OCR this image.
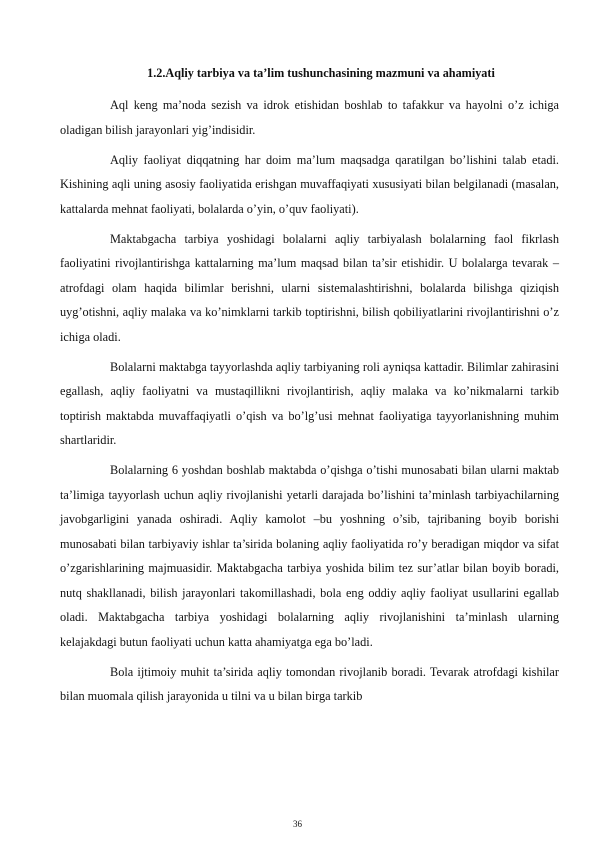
1.2.Aqliy tarbiya va ta’lim tushunchasining mazmuni va ahamiyati

Aql keng ma’noda sezish va idrok etishidan boshlab to tafakkur va hayolni o’z ichiga oladigan bilish jarayonlari yig’indisidir.

Aqliy faoliyat diqqatning har doim ma’lum maqsadga qaratilgan bo’lishini talab etadi. Kishining aqli uning asosiy faoliyatida erishgan muvaffaqiyati xususiyati bilan belgilanadi (masalan, kattalarda mehnat faoliyati, bolalarda o’yin, o’quv faoliyati).

Maktabgacha tarbiya yoshidagi bolalarni aqliy tarbiyalash bolalarning faol fikrlash faoliyatini rivojlantirishga kattalarning ma’lum maqsad bilan ta’sir etishidir. U bolalarga tevarak –atrofdagi olam haqida bilimlar berishni, ularni sistemalashtirishni, bolalarda bilishga qiziqish uyg’otishni, aqliy malaka va ko’nimklarni tarkib toptirishni, bilish qobiliyatlarini rivojlantirishni o’z ichiga oladi.

Bolalarni maktabga tayyorlashda aqliy tarbiyaning roli ayniqsa kattadir. Bilimlar zahirasini egallash, aqliy faoliyatni va mustaqillikni rivojlantirish, aqliy malaka va ko’nikmalarni tarkib toptirish maktabda muvaffaqiyatli o’qish va bo’lg’usi mehnat faoliyatiga tayyorlanishning muhim shartlaridir.

Bolalarning 6 yoshdan boshlab maktabda o’qishga o’tishi munosabati bilan ularni maktab ta’limiga tayyorlash uchun aqliy rivojlanishi yetarli darajada bo’lishini ta’minlash tarbiyachilarning javobgarligini yanada oshiradi. Aqliy kamolot –bu yoshning o’sib, tajribaning boyib borishi munosabati bilan tarbiyaviy ishlar ta’sirida bolaning aqliy faoliyatida ro’y beradigan miqdor va sifat o’zgarishlarining majmuasidir. Maktabgacha tarbiya yoshida bilim tez sur’atlar bilan boyib boradi, nutq shakllanadi, bilish jarayonlari takomillashadi, bola eng oddiy aqliy faoliyat usullarini egallab oladi. Maktabgacha tarbiya yoshidagi bolalarning aqliy rivojlanishini ta’minlash ularning kelajakdagi butun faoliyati uchun katta ahamiyatga ega bo’ladi.

Bola ijtimoiy muhit ta’sirida aqliy tomondan rivojlanib boradi. Tevarak atrofdagi kishilar bilan muomala qilish jarayonida u tilni va u bilan birga tarkib

36
